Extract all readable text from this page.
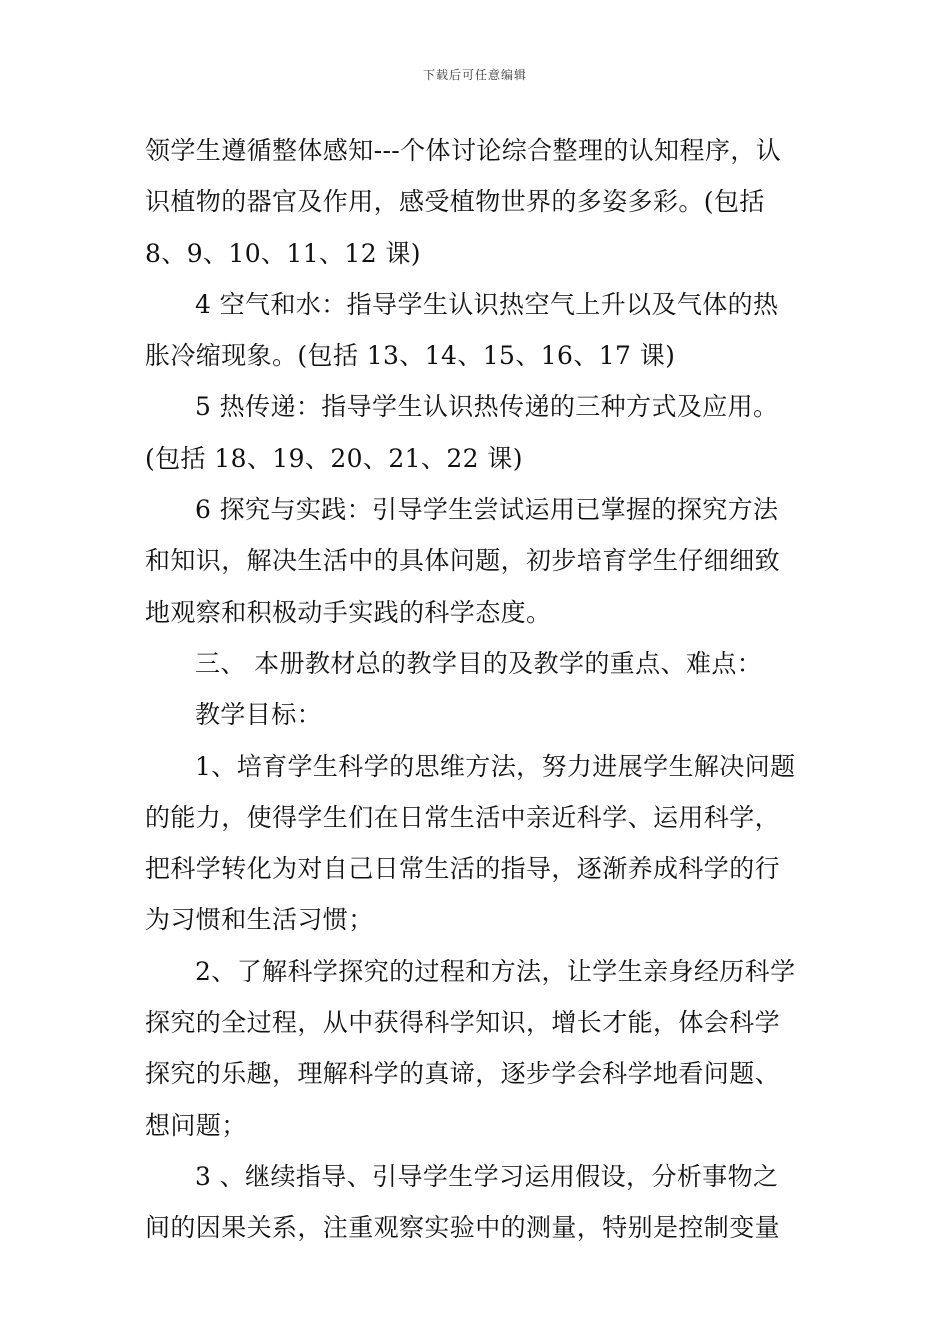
下载后可任意编辑
领学生遵循整体感知---个体讨论综合整理的认知程序，认
识植物的器官及作用，感受植物世界的多姿多彩。(包括
8、9、10、11、12 课)
4 空气和水：指导学生认识热空气上升以及气体的热
胀冷缩现象。(包括 13、14、15、16、17 课)
5 热传递：指导学生认识热传递的三种方式及应用。
(包括 18、19、20、21、22 课)
6 探究与实践：引导学生尝试运用已掌握的探究方法
和知识，解决生活中的具体问题，初步培育学生仔细细致
地观察和积极动手实践的科学态度。
三、 本册教材总的教学目的及教学的重点、难点：
教学目标：
1、培育学生科学的思维方法，努力进展学生解决问题
的能力，使得学生们在日常生活中亲近科学、运用科学，
把科学转化为对自己日常生活的指导，逐渐养成科学的行
为习惯和生活习惯；
2、了解科学探究的过程和方法，让学生亲身经历科学
探究的全过程，从中获得科学知识，增长才能，体会科学
探究的乐趣，理解科学的真谛，逐步学会科学地看问题、
想问题；
3 、继续指导、引导学生学习运用假设，分析事物之
间的因果关系，注重观察实验中的测量，特别是控制变量
